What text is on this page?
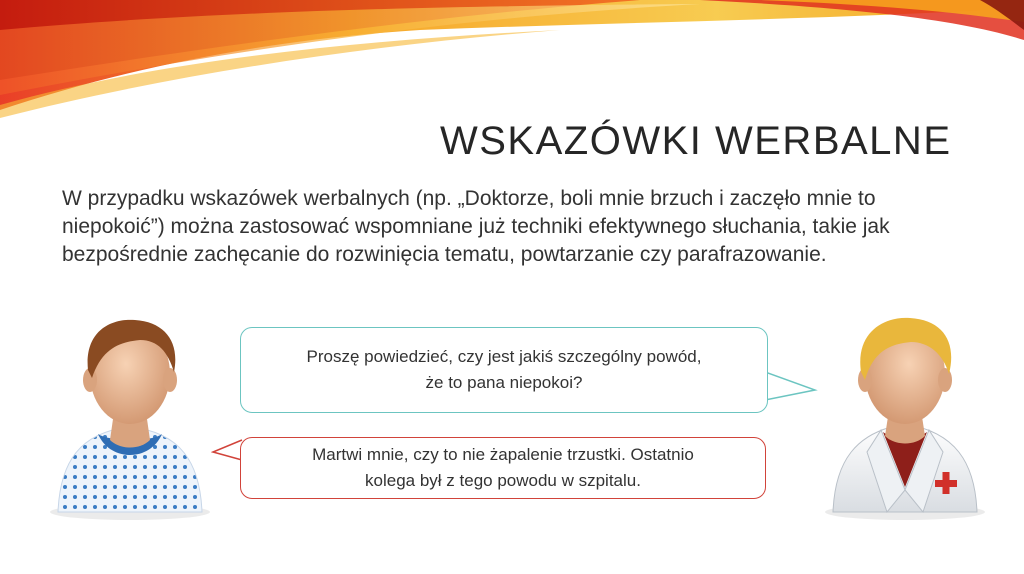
WSKAZÓWKI WERBALNE
W przypadku wskazówek werbalnych (np. „Doktorze, boli mnie brzuch i zaczęło mnie to niepokoić”) można zastosować wspomniane już techniki efektywnego słuchania, takie jak bezpośrednie zachęcanie do rozwinięcia tematu, powtarzanie czy parafrazowanie.
Proszę powiedzieć, czy jest jakiś szczególny powód,
że to pana niepokoi?
Martwi mnie, czy to nie żapalenie trzustki. Ostatnio
kolega był z tego powodu w szpitalu.
